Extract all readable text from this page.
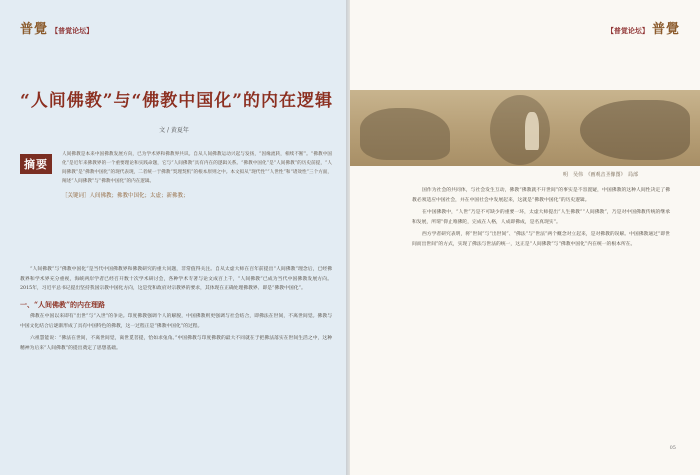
普覺 【普覚论坛】
“人间佛教”与“佛教中国化”的内在逻辑
文 / 黄夏年
摘要
人间佛教是本来中国佛教发展方向，已为学术界和佛教界共识。自从人间佛教运动兴起与发扬，“因缘流转，相续不断”。“佛教中国化”是近年来佛教界的一个重要理论和实践命题，它与“人间佛教”具有内在的逻辑关系。“佛教中国化”是“人间佛教”的历史前提，“人间佛教”是“佛教中国化”的现代表现，二者统一于佛教“契理契机”的根本原则之中。本文拟从“现代性”“人世性”和“诸效性”三个方面，阐述“人间佛教”与“佛教中国化”的内在逻辑。
［关键词］人间佛教；佛教中国化；太虚；新佛教；

“人间佛教”与“佛教中国化”是当代中国佛教界和佛教研究的重大问题，非常值得关注。自从太虚大师在百年前提出“人间佛教”理念后，已经佛教界和学术界充分重视，海峡两岸学者已经召开数十次学术研讨会，各种学术专著与论文成百上千，“人间佛教”已成为当代中国佛教发展方向。2015年，习近平总书记提出坚持我国宗教中国化方向，这是党和政府对宗教界的要求，其体现在正确处理佛教界、即是“佛教中国化”。

一、“人间佛教”的内在理路

佛教在中国以来即有“出世”与“入世”的争论。印度佛教强调个人的解脱，中国佛教则更强调与社会结合，即佛法在世间，不离世间觉。佛教与中国文化结合后逐渐形成了具有中国特色的佛教，这一过程正是“佛教中国化”的过程。

六祖慧能说：“佛法在世间，不离世间觉，离世觅菩提，恰如求兔角。”中国佛教与印度佛教的最大不同就在于把佛法落实在世间生活之中，这种精神为后来“人间佛教”的提出奠定了思想基础。

【普覚论坛】 普覺
明　吴伟　《画观音圣像图》　局部

国作为社会的共同体，与社会发生互动，佛教“佛教就不开世间”的事实是不容置疑，中国佛教的这种人间性决定了佛教必须适应中国社会，并在中国社会中发展起来，这就是“佛教中国化”的历史逻辑。

在中国佛教中，“人世”乃是不可缺少的重要一环，太虚大师提出“人生佛教”“人间佛教”，乃是对中国佛教传统的继承和发展，所谓“仰止唯佛陀，完成在人格，人成即佛成，是名真现实”。

西方学者研究表明，将“世间”与“出世间”、“佛法”与“世法”两个概念对立起来，是对佛教的误解。中国佛教通过“即世间而出世间”的方式，实现了佛法与世法的统一，这正是“人间佛教”与“佛教中国化”内在统一的根本所在。

05
